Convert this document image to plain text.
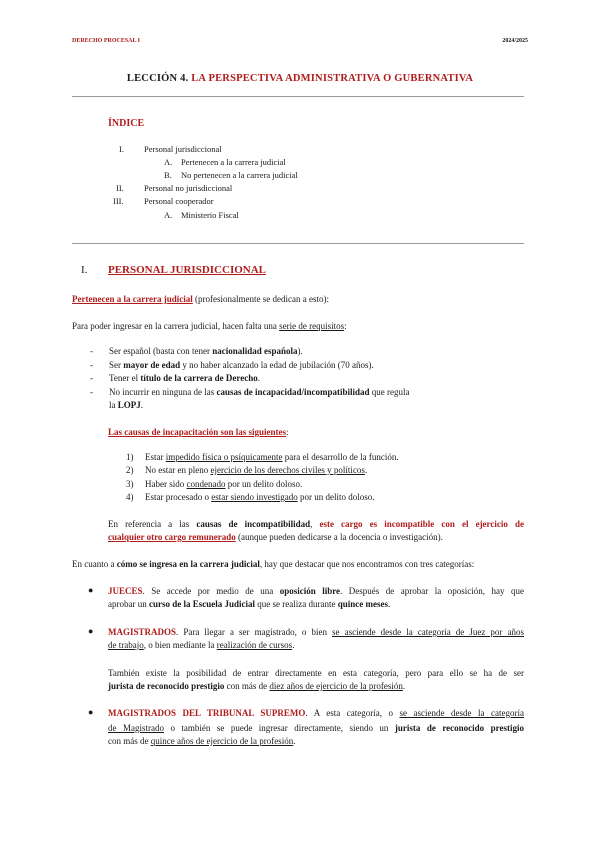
DERECHO PROCESAL I	2024/2025
LECCIÓN 4. LA PERSPECTIVA ADMINISTRATIVA O GUBERNATIVA
ÍNDICE
I. Personal jurisdiccional
A. Pertenecen a la carrera judicial
B. No pertenecen a la carrera judicial
II. Personal no jurisdiccional
III. Personal cooperador
A. Ministerio Fiscal
I. PERSONAL JURISDICCIONAL
Pertenecen a la carrera judicial (profesionalmente se dedican a esto):
Para poder ingresar en la carrera judicial, hacen falta una serie de requisitos:
- Ser español (basta con tener nacionalidad española).
- Ser mayor de edad y no haber alcanzado la edad de jubilación (70 años).
- Tener el título de la carrera de Derecho.
- No incurrir en ninguna de las causas de incapacidad/incompatibilidad que regula
la LOPJ.
Las causas de incapacitación son las siguientes:
1) Estar impedido física o psíquicamente para el desarrollo de la función.
2) No estar en pleno ejercicio de los derechos civiles y políticos.
3) Haber sido condenado por un delito doloso.
4) Estar procesado o estar siendo investigado por un delito doloso.
En referencia a las causas de incompatibilidad, este cargo es incompatible con el ejercicio de
cualquier otro cargo remunerado (aunque pueden dedicarse a la docencia o investigación).
En cuanto a cómo se ingresa en la carrera judicial, hay que destacar que nos encontramos con tres categorías:
● JUECES. Se accede por medio de una oposición libre. Después de aprobar la oposición, hay que
aprobar un curso de la Escuela Judicial que se realiza durante quince meses.
● MAGISTRADOS. Para llegar a ser magistrado, o bien se asciende desde la categoría de Juez por años
de trabajo, o bien mediante la realización de cursos.
También existe la posibilidad de entrar directamente en esta categoría, pero para ello se ha de ser
jurista de reconocido prestigio con más de diez años de ejercicio de la profesión.
● MAGISTRADOS DEL TRIBUNAL SUPREMO. A esta categoría, o se asciende desde la categoría
de Magistrado o también se puede ingresar directamente, siendo un jurista de reconocido prestigio
con más de quince años de ejercicio de la profesión.
